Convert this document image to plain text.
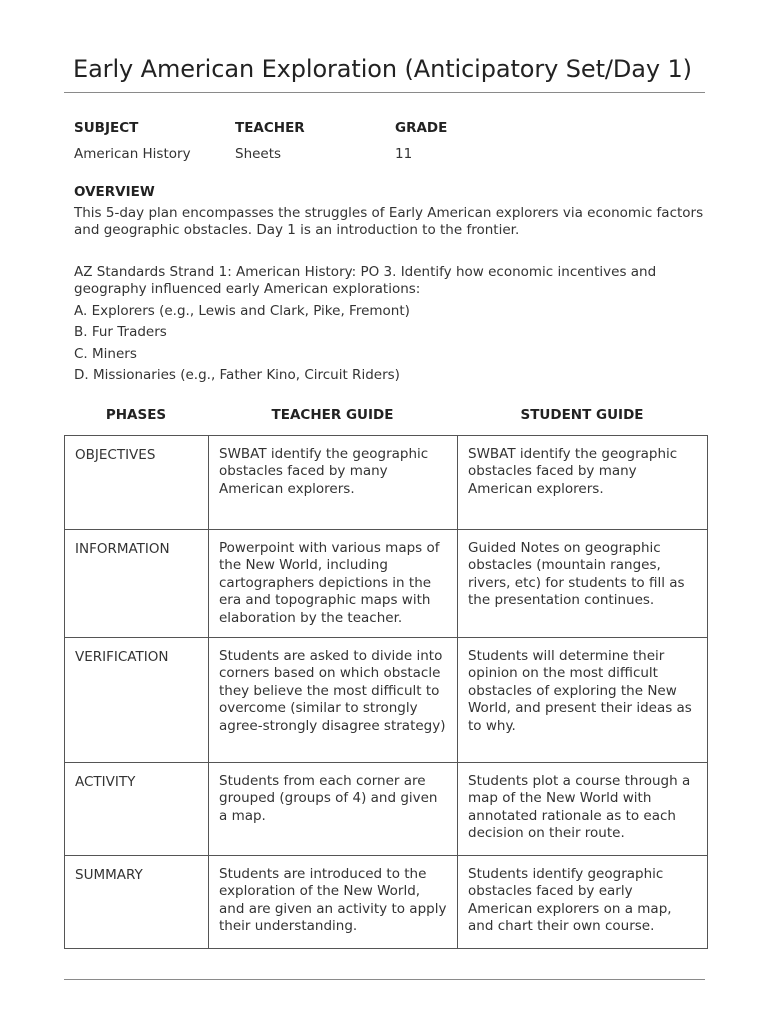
Early American Exploration (Anticipatory Set/Day 1)
SUBJECT
American History
TEACHER
Sheets
GRADE
11
OVERVIEW
This 5-day plan encompasses the struggles of Early American explorers via economic factors and geographic obstacles. Day 1 is an introduction to the frontier.
AZ Standards Strand 1: American History: PO 3. Identify how economic incentives and geography influenced early American explorations:
A. Explorers (e.g., Lewis and Clark, Pike, Fremont)
B. Fur Traders
C. Miners
D. Missionaries (e.g., Father Kino, Circuit Riders)
PHASES	TEACHER GUIDE	STUDENT GUIDE
OBJECTIVES	SWBAT identify the geographic obstacles faced by many American explorers.	SWBAT identify the geographic obstacles faced by many American explorers.
INFORMATION	Powerpoint with various maps of the New World, including cartographers depictions in the era and topographic maps with elaboration by the teacher.	Guided Notes on geographic obstacles (mountain ranges, rivers, etc) for students to fill as the presentation continues.
VERIFICATION	Students are asked to divide into corners based on which obstacle they believe the most difficult to overcome (similar to strongly agree-strongly disagree strategy)	Students will determine their opinion on the most difficult obstacles of exploring the New World, and present their ideas as to why.
ACTIVITY	Students from each corner are grouped (groups of 4) and given a map.	Students plot a course through a map of the New World with annotated rationale as to each decision on their route.
SUMMARY	Students are introduced to the exploration of the New World, and are given an activity to apply their understanding.	Students identify geographic obstacles faced by early American explorers on a map, and chart their own course.
